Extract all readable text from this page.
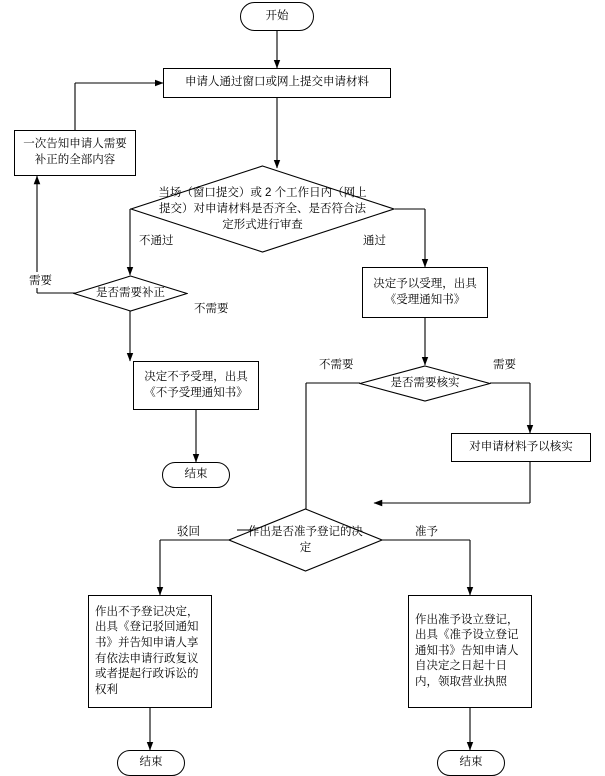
开始
申请人通过窗口或网上提交申请材料
一次告知申请人需要补正的全部内容
当场（窗口提交）或 2 个工作日内（网上提交）对申请材料是否齐全、是否符合法定形式进行审查
是否需要补正
决定予以受理，出具《受理通知书》
决定不予受理，出具《不予受理通知书》
结束
是否需要核实
对申请材料予以核实
作出是否准予登记的决定
作出不予登记决定，出具《登记驳回通知书》并告知申请人享有依法申请行政复议或者提起行政诉讼的权利
作出准予设立登记，出具《准予设立登记通知书》告知申请人自决定之日起十日内，领取营业执照
结束	结束
不通过	通过
需要
不需要
不需要	需要
驳回	准予
